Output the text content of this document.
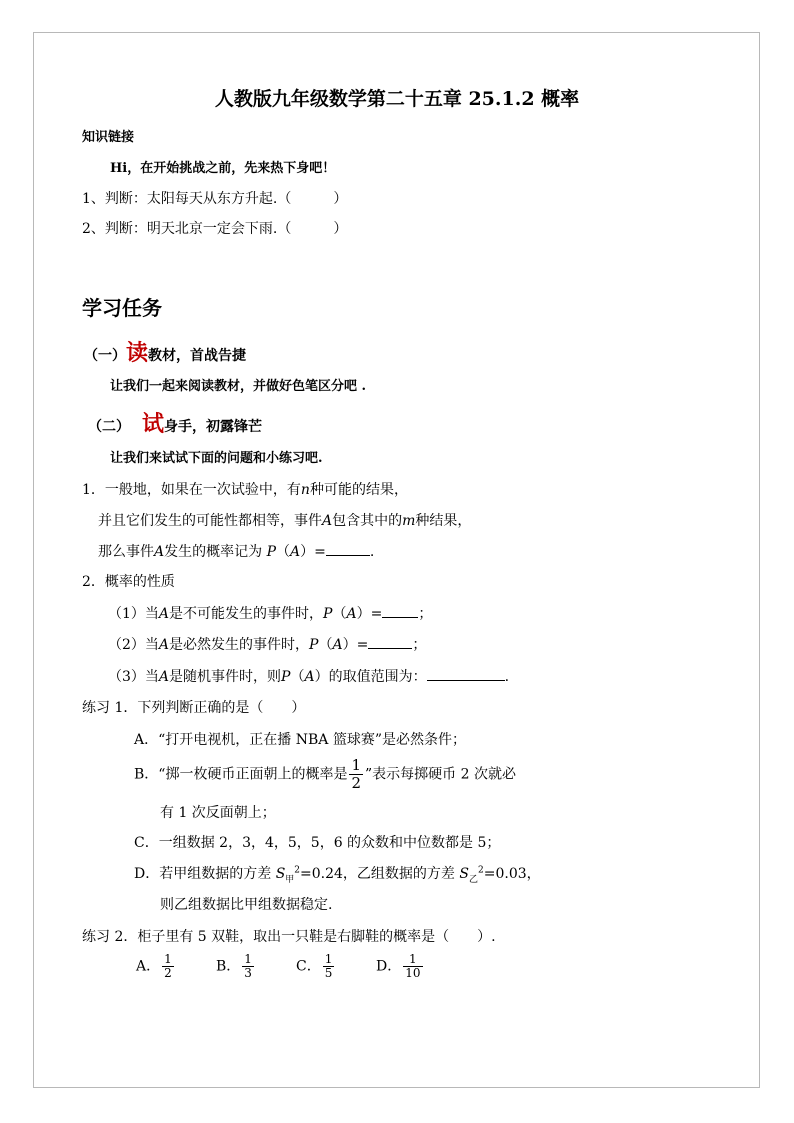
人教版九年级数学第二十五章 25.1.2 概率
知识链接
Hi，在开始挑战之前，先来热下身吧！
1、判断：太阳每天从东方升起.（　　　）
2、判断：明天北京一定会下雨.（　　　）
学习任务
（一）读教材，首战告捷
让我们一起来阅读教材，并做好色笔区分吧 .
（二） 试身手，初露锋芒
让我们来试试下面的问题和小练习吧.
1．一般地，如果在一次试验中，有n种可能的结果，
并且它们发生的可能性都相等，事件A包含其中的m种结果，
那么事件A发生的概率记为 P（A）=	.
2．概率的性质
（1）当A是不可能发生的事件时，P（A）=	；
（2）当A是必然发生的事件时，P（A）=	；
（3）当A是随机事件时，则P（A）的取值范围为：	.
练习 1．下列判断正确的是（　　）
A．“打开电视机，正在播 NBA 篮球赛”是必然条件；
B．“掷一枚硬币正面朝上的概率是 $\frac{1}{2}$ ”表示每掷硬币 2 次就必
有 1 次反面朝上；
C．一组数据 2，3，4，5，5，6 的众数和中位数都是 5；
D．若甲组数据的方差 $S_甲^2=0.24$，乙组数据的方差 $S_乙^2=0.03$，
则乙组数据比甲组数据稳定.
练习 2．柜子里有 5 双鞋，取出一只鞋是右脚鞋的概率是（　　）.
A． $\frac{1}{2}$	B． $\frac{1}{3}$	C． $\frac{1}{5}$	D． $\frac{1}{10}$
